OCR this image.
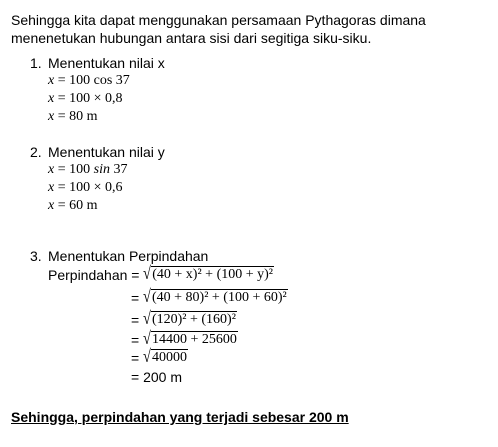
Sehingga kita dapat menggunakan persamaan Pythagoras dimana
menenetukan hubungan antara sisi dari segitiga siku-siku.
1. Menentukan nilai x
x = 100 cos 37
x = 100 × 0,8
x = 80 m
2. Menentukan nilai y
x = 100 sin 37
x = 100 × 0,6
x = 60 m
3. Menentukan Perpindahan
Perpindahan = √ (40 + x)² + (100 + y)²
= √ (40 + 80)² + (100 + 60)²
= √ (120)² + (160)²
= √ 14400 + 25600
= √ 40000
= 200 m
Sehingga, perpindahan yang terjadi sebesar 200 m
